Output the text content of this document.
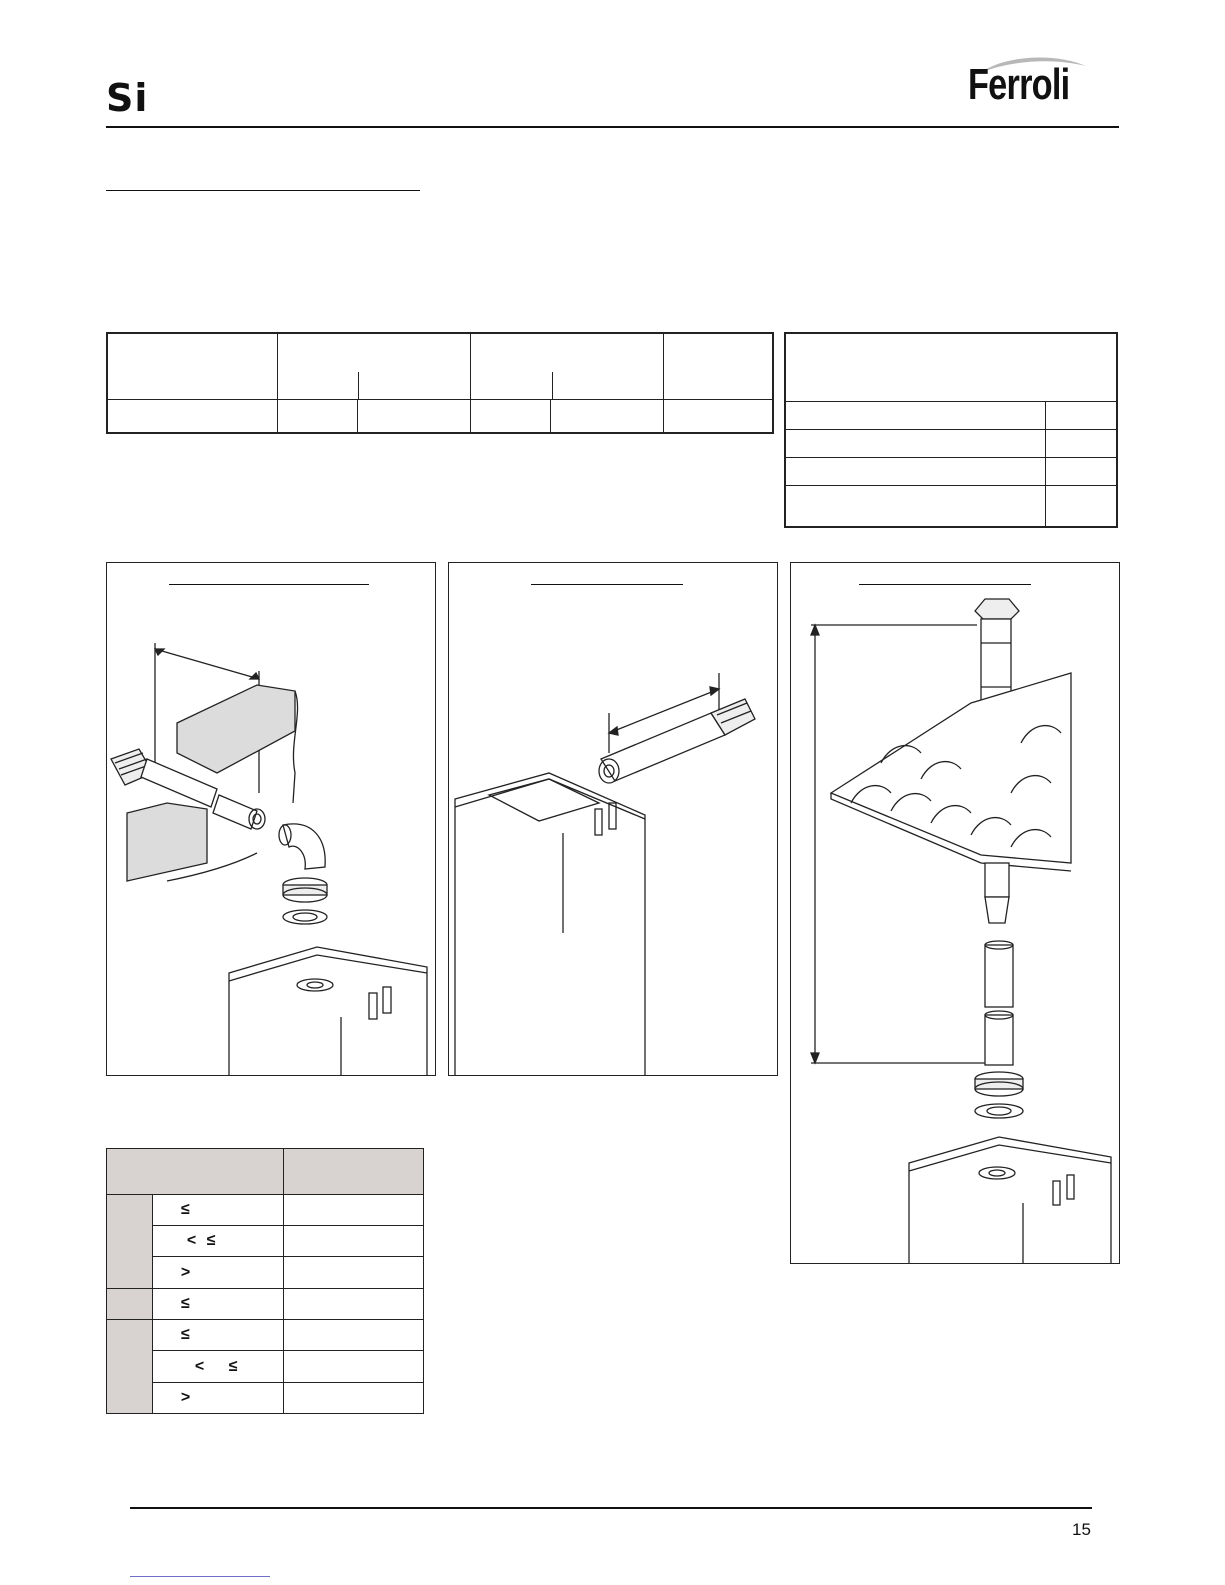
Si	Ferroli

	≤	
	< ≤	
	>	
	≤	
	≤	
	< ≤	
	>	
15
